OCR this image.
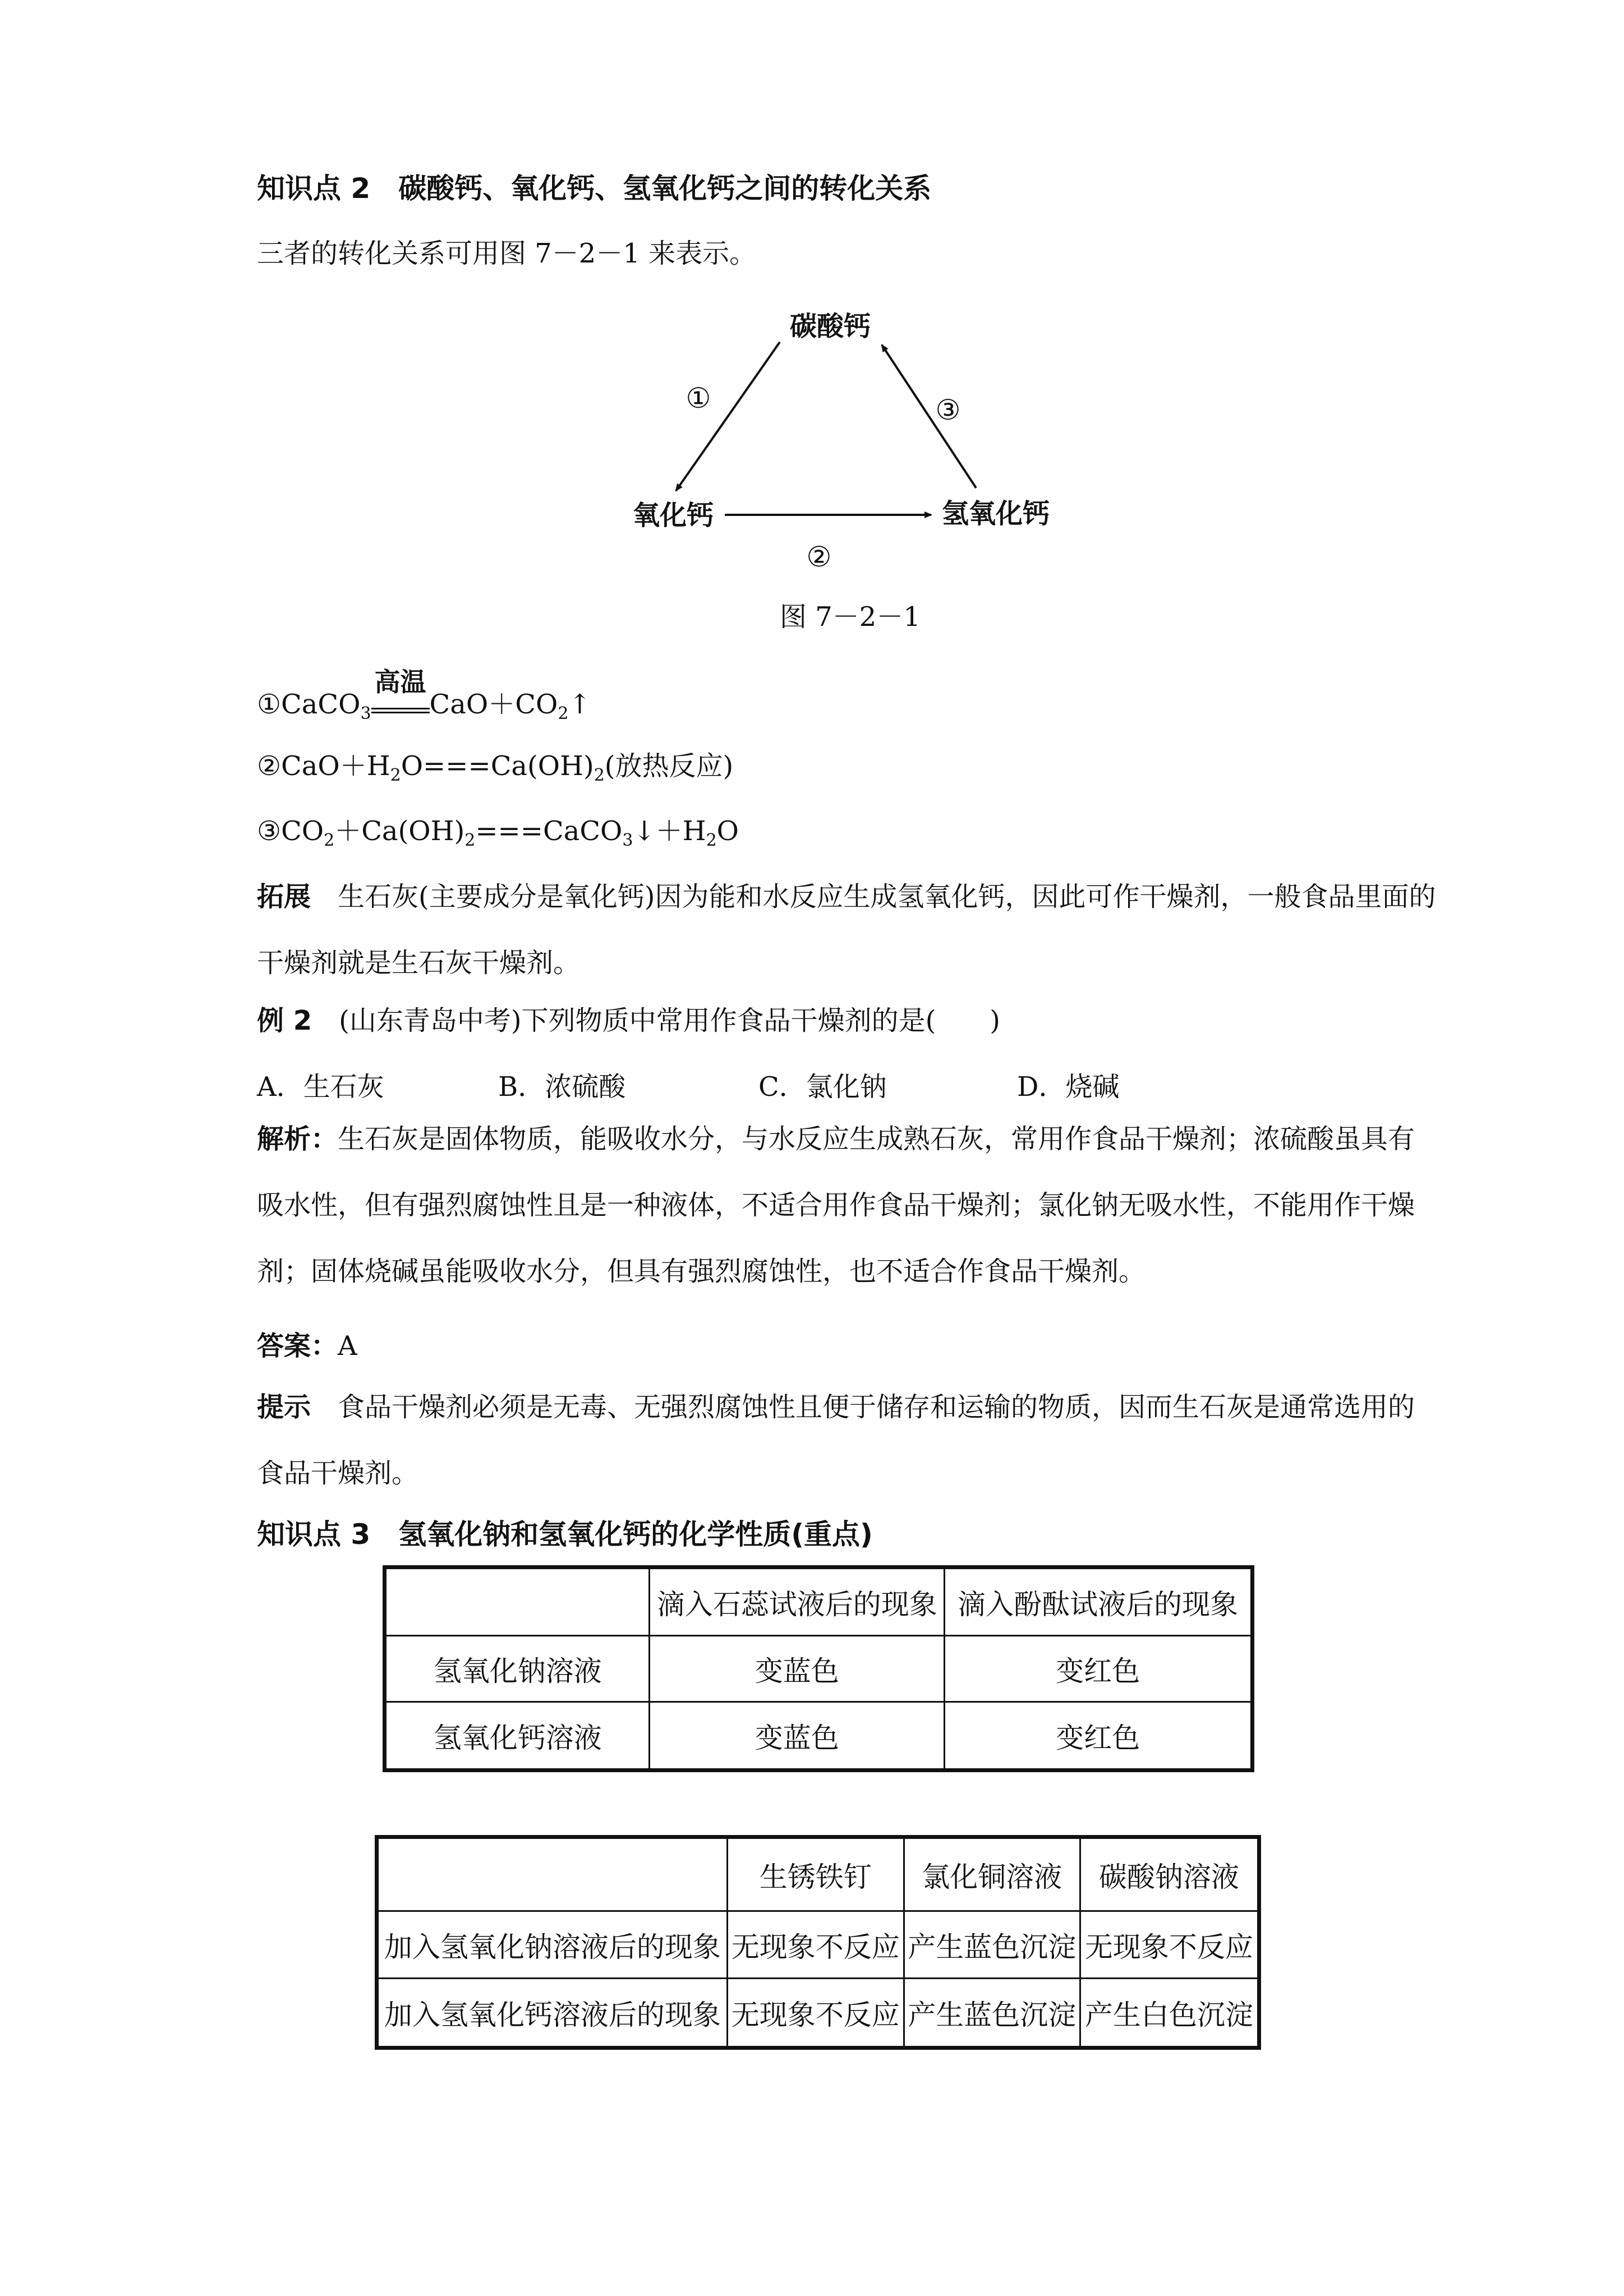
知识点 2　碳酸钙、氧化钙、氢氧化钙之间的转化关系
三者的转化关系可用图 7－2－1 来表示。
碳酸钙
氧化钙	氢氧化钙
①
②
③
图 7－2－1
①CaCO$_3$
高温
$CaO+CO_2↑$
$②CaO+H_2O===Ca(OH)_2$(放热反应)
$③CO_2+Ca(OH)_2===CaCO_3↓+H_2O$
拓展　生石灰(主要成分是氧化钙)因为能和水反应生成氢氧化钙，因此可作干燥剂，一般食品里面的干燥剂就是生石灰干燥剂。
例 2　(山东青岛中考)下列物质中常用作食品干燥剂的是(　　)
A．生石灰	B．浓硫酸	C．氯化钠	D．烧碱
解析：生石灰是固体物质，能吸收水分，与水反应生成熟石灰，常用作食品干燥剂；浓硫酸虽具有吸水性，但有强烈腐蚀性且是一种液体，不适合用作食品干燥剂；氯化钠无吸水性，不能用作干燥剂；固体烧碱虽能吸收水分，但具有强烈腐蚀性，也不适合作食品干燥剂。
答案：A
提示　食品干燥剂必须是无毒、无强烈腐蚀性且便于储存和运输的物质，因而生石灰是通常选用的食品干燥剂。
知识点 3　氢氧化钠和氢氧化钙的化学性质(重点)
	滴入石蕊试液后的现象	滴入酚酞试液后的现象
氢氧化钠溶液	变蓝色	变红色
氢氧化钙溶液	变蓝色	变红色
	生锈铁钉	氯化铜溶液	碳酸钠溶液
加入氢氧化钠溶液后的现象	无现象不反应	产生蓝色沉淀	无现象不反应
加入氢氧化钙溶液后的现象	无现象不反应	产生蓝色沉淀	产生白色沉淀
